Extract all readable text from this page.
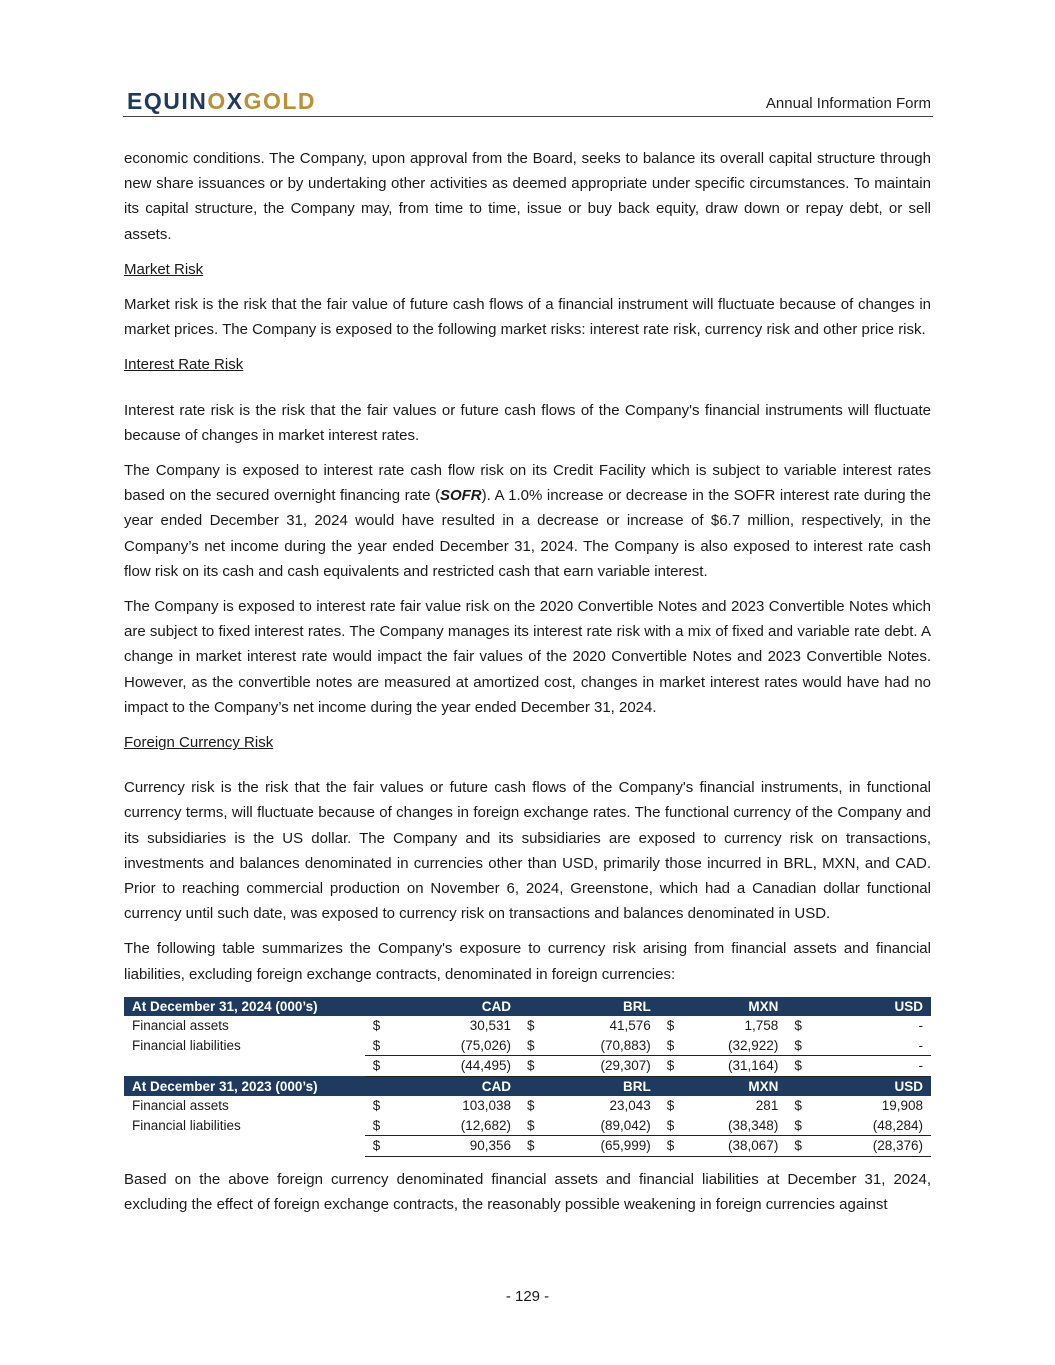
EQUINOXGOLD	Annual Information Form

economic conditions. The Company, upon approval from the Board, seeks to balance its overall capital structure through new share issuances or by undertaking other activities as deemed appropriate under specific circumstances. To maintain its capital structure, the Company may, from time to time, issue or buy back equity, draw down or repay debt, or sell assets.

Market Risk

Market risk is the risk that the fair value of future cash flows of a financial instrument will fluctuate because of changes in market prices. The Company is exposed to the following market risks: interest rate risk, currency risk and other price risk.

Interest Rate Risk

Interest rate risk is the risk that the fair values or future cash flows of the Company's financial instruments will fluctuate because of changes in market interest rates.

The Company is exposed to interest rate cash flow risk on its Credit Facility which is subject to variable interest rates based on the secured overnight financing rate (SOFR). A 1.0% increase or decrease in the SOFR interest rate during the year ended December 31, 2024 would have resulted in a decrease or increase of $6.7 million, respectively, in the Company’s net income during the year ended December 31, 2024. The Company is also exposed to interest rate cash flow risk on its cash and cash equivalents and restricted cash that earn variable interest.

The Company is exposed to interest rate fair value risk on the 2020 Convertible Notes and 2023 Convertible Notes which are subject to fixed interest rates. The Company manages its interest rate risk with a mix of fixed and variable rate debt. A change in market interest rate would impact the fair values of the 2020 Convertible Notes and 2023 Convertible Notes. However, as the convertible notes are measured at amortized cost, changes in market interest rates would have had no impact to the Company’s net income during the year ended December 31, 2024.

Foreign Currency Risk

Currency risk is the risk that the fair values or future cash flows of the Company's financial instruments, in functional currency terms, will fluctuate because of changes in foreign exchange rates. The functional currency of the Company and its subsidiaries is the US dollar. The Company and its subsidiaries are exposed to currency risk on transactions, investments and balances denominated in currencies other than USD, primarily those incurred in BRL, MXN, and CAD. Prior to reaching commercial production on November 6, 2024, Greenstone, which had a Canadian dollar functional currency until such date, was exposed to currency risk on transactions and balances denominated in USD.

The following table summarizes the Company's exposure to currency risk arising from financial assets and financial liabilities, excluding foreign exchange contracts, denominated in foreign currencies:

At December 31, 2024 (000’s)		CAD		BRL		MXN		USD
Financial assets	$	30,531	$	41,576	$	1,758	$	-
Financial liabilities	$	(75,026)	$	(70,883)	$	(32,922)	$	-
	$	(44,495)	$	(29,307)	$	(31,164)	$	-
At December 31, 2023 (000’s)		CAD		BRL		MXN		USD
Financial assets	$	103,038	$	23,043	$	281	$	19,908
Financial liabilities	$	(12,682)	$	(89,042)	$	(38,348)	$	(48,284)
	$	90,356	$	(65,999)	$	(38,067)	$	(28,376)

Based on the above foreign currency denominated financial assets and financial liabilities at December 31, 2024, excluding the effect of foreign exchange contracts, the reasonably possible weakening in foreign currencies against

- 129 -
